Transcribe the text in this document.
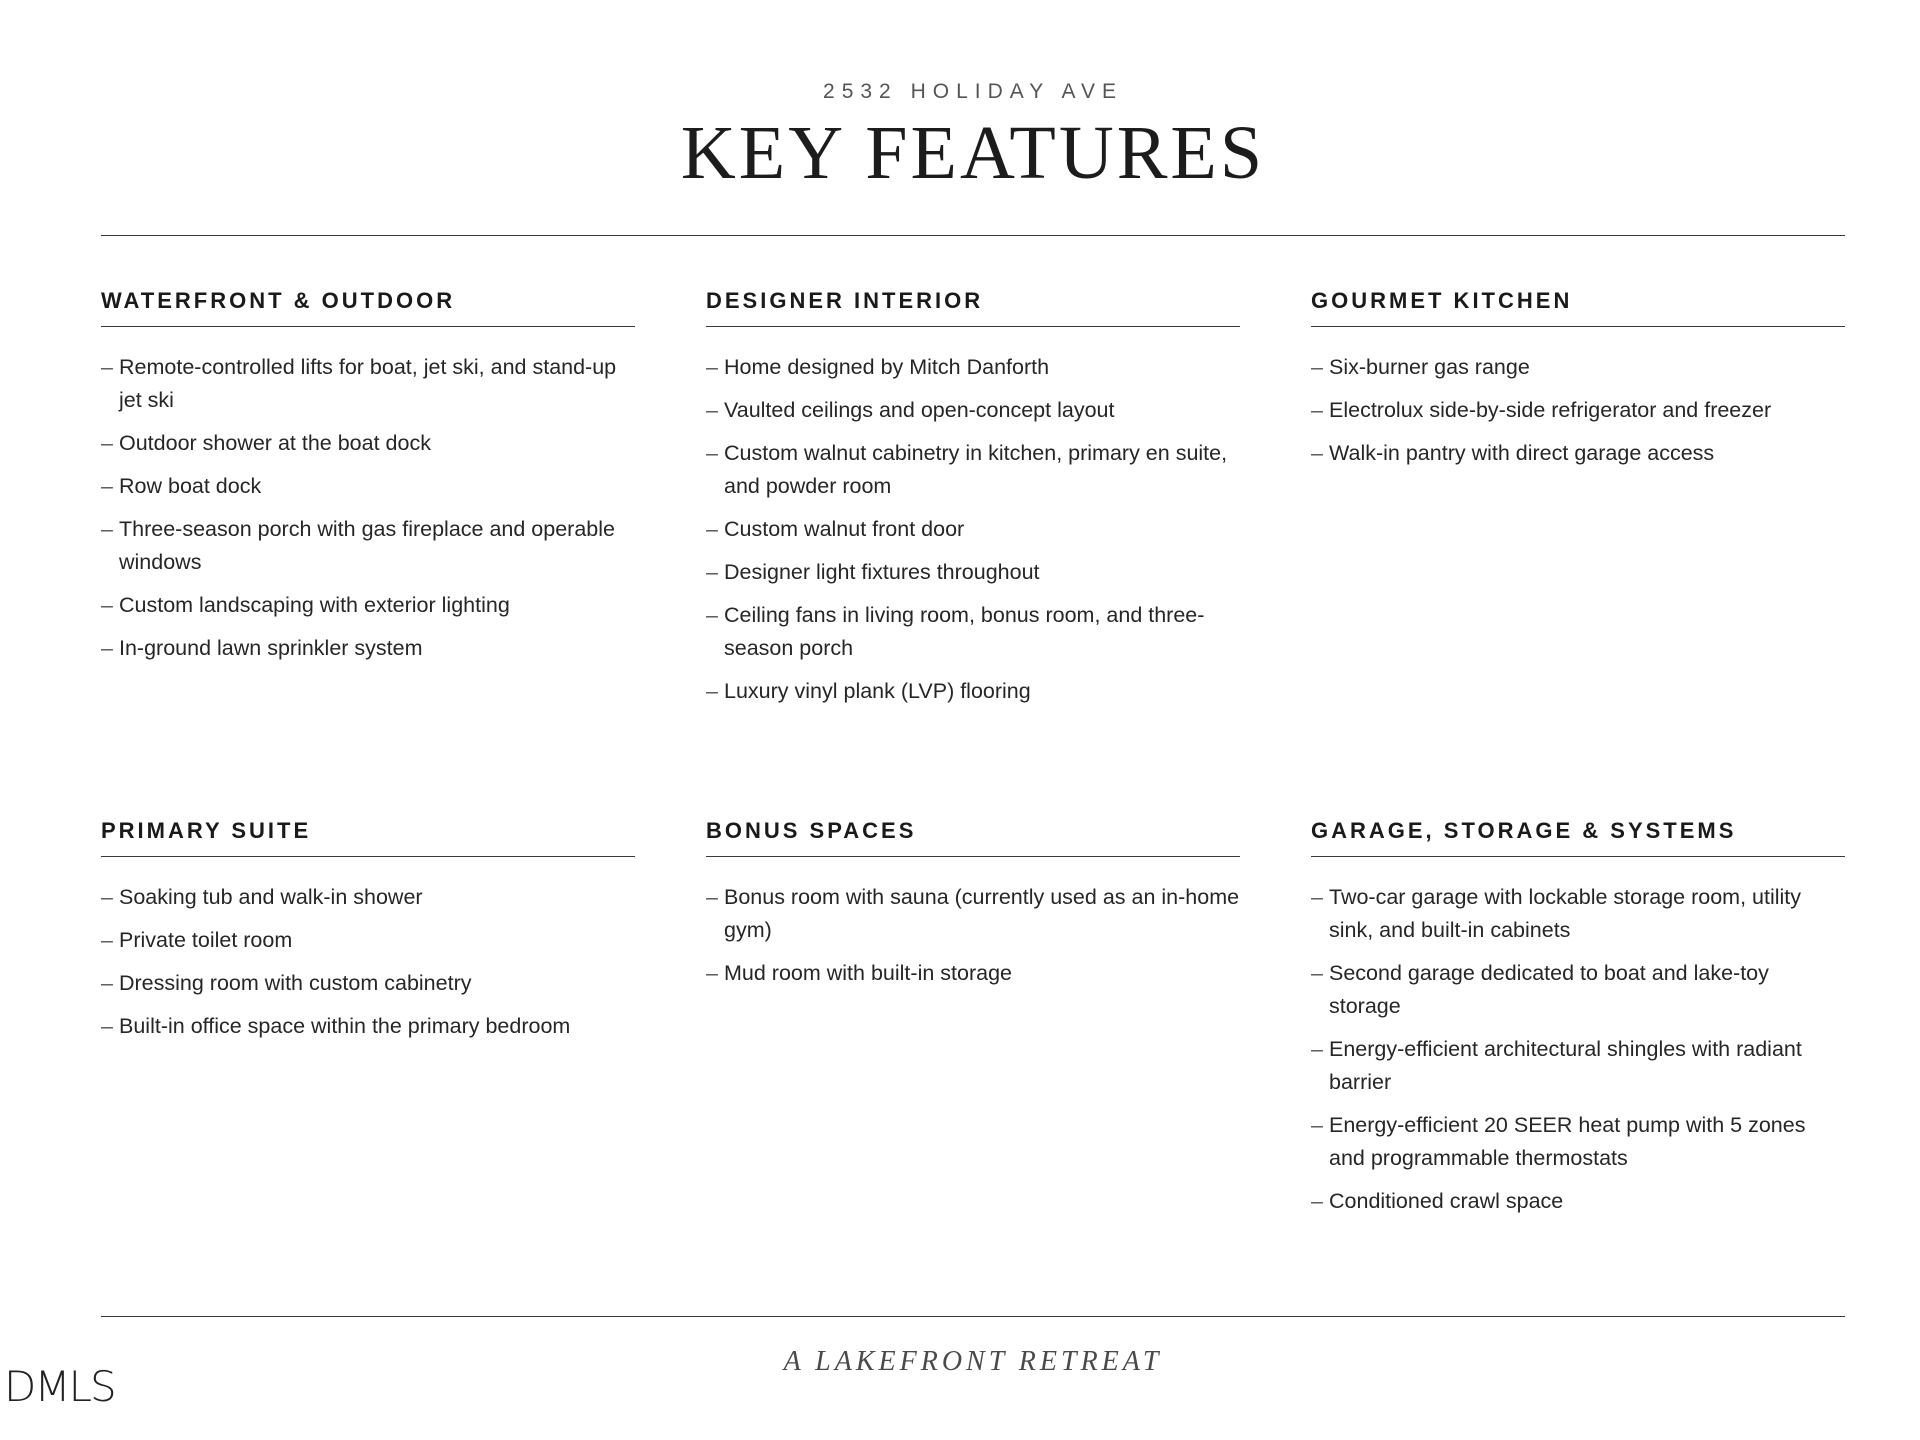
2532 HOLIDAY AVE
KEY FEATURES
WATERFRONT & OUTDOOR
– Remote-controlled lifts for boat, jet ski, and stand-up jet ski
– Outdoor shower at the boat dock
– Row boat dock
– Three-season porch with gas fireplace and operable windows
– Custom landscaping with exterior lighting
– In-ground lawn sprinkler system
DESIGNER INTERIOR
– Home designed by Mitch Danforth
– Vaulted ceilings and open-concept layout
– Custom walnut cabinetry in kitchen, primary en suite, and powder room
– Custom walnut front door
– Designer light fixtures throughout
– Ceiling fans in living room, bonus room, and three-season porch
– Luxury vinyl plank (LVP) flooring
GOURMET KITCHEN
– Six-burner gas range
– Electrolux side-by-side refrigerator and freezer
– Walk-in pantry with direct garage access
PRIMARY SUITE
– Soaking tub and walk-in shower
– Private toilet room
– Dressing room with custom cabinetry
– Built-in office space within the primary bedroom
BONUS SPACES
– Bonus room with sauna (currently used as an in-home gym)
– Mud room with built-in storage
GARAGE, STORAGE & SYSTEMS
– Two-car garage with lockable storage room, utility sink, and built-in cabinets
– Second garage dedicated to boat and lake-toy storage
– Energy-efficient architectural shingles with radiant barrier
– Energy-efficient 20 SEER heat pump with 5 zones and programmable thermostats
– Conditioned crawl space
A LAKEFRONT RETREAT
DMLS
